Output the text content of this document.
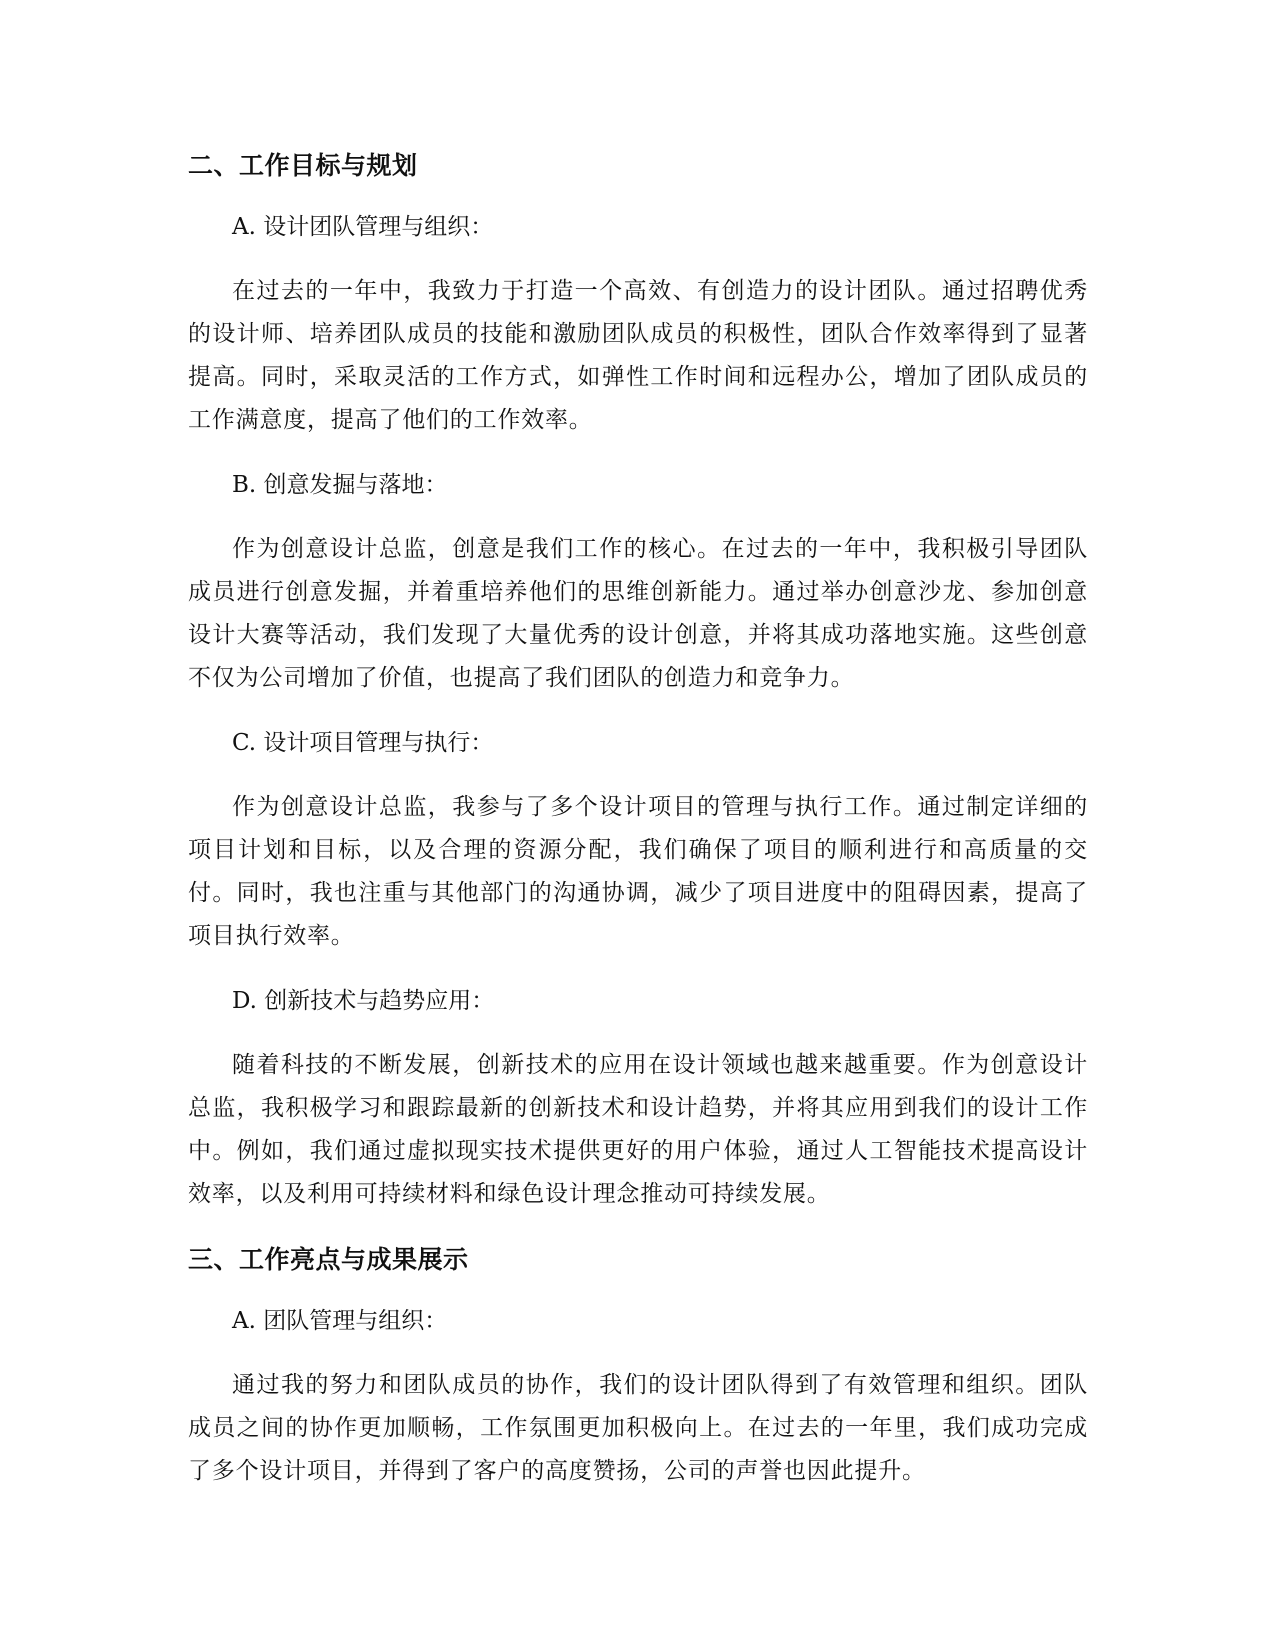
二、工作目标与规划

A. 设计团队管理与组织：

在过去的一年中，我致力于打造一个高效、有创造力的设计团队。通过招聘优秀的设计师、培养团队成员的技能和激励团队成员的积极性，团队合作效率得到了显著提高。同时，采取灵活的工作方式，如弹性工作时间和远程办公，增加了团队成员的工作满意度，提高了他们的工作效率。

B. 创意发掘与落地：

作为创意设计总监，创意是我们工作的核心。在过去的一年中，我积极引导团队成员进行创意发掘，并着重培养他们的思维创新能力。通过举办创意沙龙、参加创意设计大赛等活动，我们发现了大量优秀的设计创意，并将其成功落地实施。这些创意不仅为公司增加了价值，也提高了我们团队的创造力和竞争力。

C. 设计项目管理与执行：

作为创意设计总监，我参与了多个设计项目的管理与执行工作。通过制定详细的项目计划和目标，以及合理的资源分配，我们确保了项目的顺利进行和高质量的交付。同时，我也注重与其他部门的沟通协调，减少了项目进度中的阻碍因素，提高了项目执行效率。

D. 创新技术与趋势应用：

随着科技的不断发展，创新技术的应用在设计领域也越来越重要。作为创意设计总监，我积极学习和跟踪最新的创新技术和设计趋势，并将其应用到我们的设计工作中。例如，我们通过虚拟现实技术提供更好的用户体验，通过人工智能技术提高设计效率，以及利用可持续材料和绿色设计理念推动可持续发展。

三、工作亮点与成果展示

A. 团队管理与组织：

通过我的努力和团队成员的协作，我们的设计团队得到了有效管理和组织。团队成员之间的协作更加顺畅，工作氛围更加积极向上。在过去的一年里，我们成功完成了多个设计项目，并得到了客户的高度赞扬，公司的声誉也因此提升。
